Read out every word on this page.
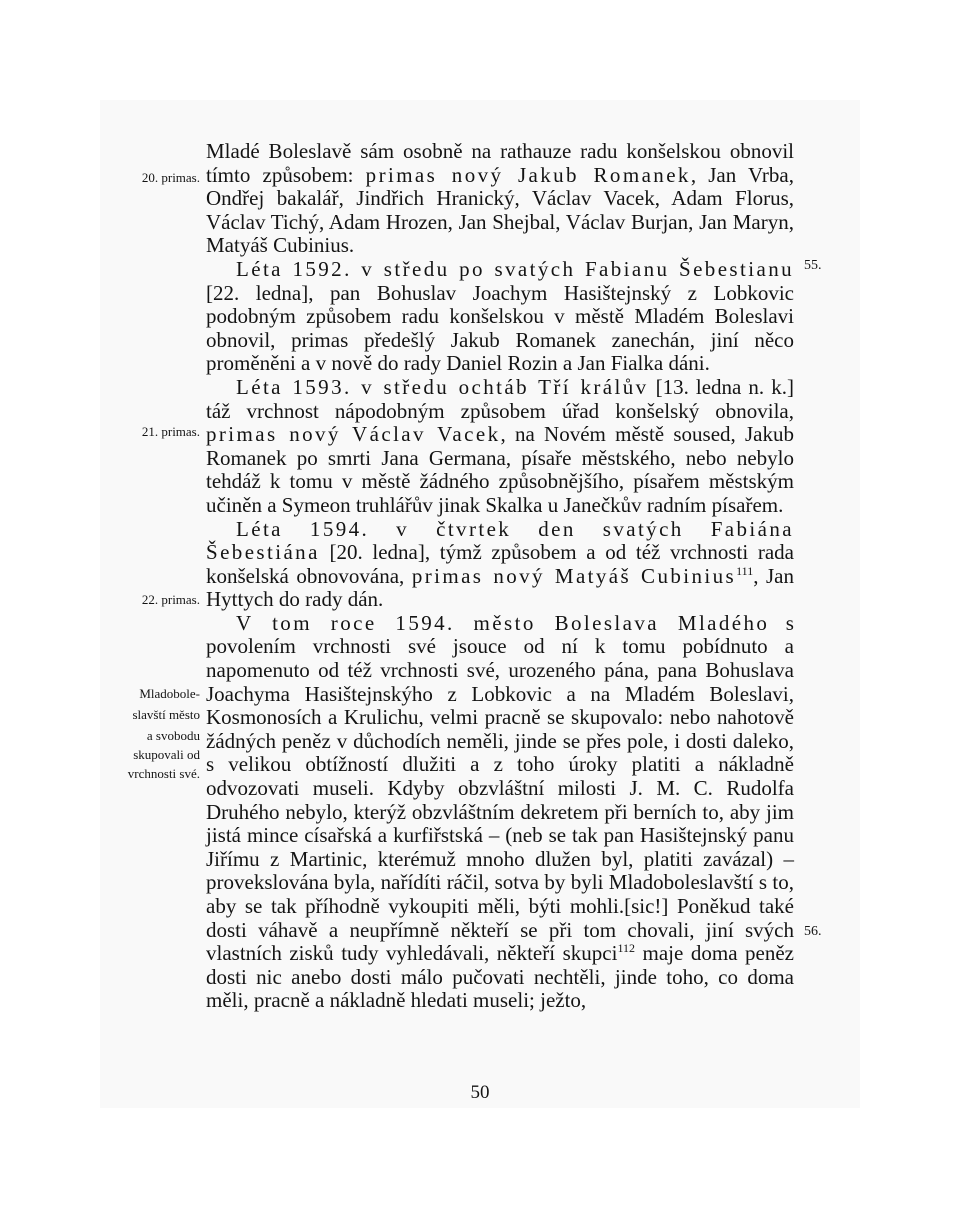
Mladé Boleslavě sám osobně na rathauze radu konšelskou obnovil tímto způsobem: primas nový Jakub Romanek, Jan Vrba, Ondřej bakalář, Jindřich Hranický, Václav Vacek, Adam Florus, Václav Tichý, Adam Hrozen, Jan Shejbal, Václav Burjan, Jan Maryn, Matyáš Cubinius.

Léta 1592. v středu po svatých Fabianu Šebestianu [22. ledna], pan Bohuslav Joachym Hasištejnský z Lobkovic podobným způsobem radu konšelskou v městě Mladém Boleslavi obnovil, primas předešlý Jakub Romanek zanechán, jiní něco proměněni a v nově do rady Daniel Rozin a Jan Fialka dáni.

Léta 1593. v středu ochtáb Tří králův [13. ledna n. k.] táž vrchnost nápodobným způsobem úřad konšelský obnovila, primas nový Václav Vacek, na Novém městě soused, Jakub Romanek po smrti Jana Germana, písaře městského, nebo nebylo tehdáž k tomu v městě žádného způsobnějšího, písařem městským učiněn a Symeon truhlářův jinak Skalka u Janečkův radním písařem.

Léta 1594. v čtvrtek den svatých Fabiána Šebestiána [20. ledna], týmž způsobem a od též vrchnosti rada konšelská obnovována, primas nový Matyáš Cubinius$^{111}$, Jan Hyttych do rady dán.

V tom roce 1594. město Boleslava Mladého s povolením vrchnosti své jsouce od ní k tomu pobídnuto a napomenuto od též vrchnosti své, urozeného pána, pana Bohuslava Joachyma Hasištejnskýho z Lobkovic a na Mladém Boleslavi, Kosmonosích a Krulichu, velmi pracně se skupovalo: nebo nahotově žádných peněz v důchodích neměli, jinde se přes pole, i dosti daleko, s velikou obtížností dlužiti a z toho úroky platiti a nákladně odvozovati museli. Kdyby obzvláštní milosti J. M. C. Rudolfa Druhého nebylo, kterýž obzvláštním dekretem při berních to, aby jim jistá mince císařská a kurfiřstská – (neb se tak pan Hasištejnský panu Jiřímu z Martinic, kterémuž mnoho dlužen byl, platiti zavázal) – provekslována byla, nařídíti ráčil, sotva by byli Mladoboleslavští s to, aby se tak příhodně vykoupiti měli, býti mohli.[sic!] Poněkud také dosti váhavě a neupřímně někteří se při tom chovali, jiní svých vlastních zisků tudy vyhledávali, někteří skupci$^{112}$ maje doma peněz dosti nic anebo dosti málo pučovati nechtěli, jinde toho, co doma měli, pracně a nákladně hledati museli; ježto,

20. primas.
21. primas.
22. primas.
Mladobole-
slavští město
a svobodu
skupovali od
vrchnosti své.
55.
56.
50
